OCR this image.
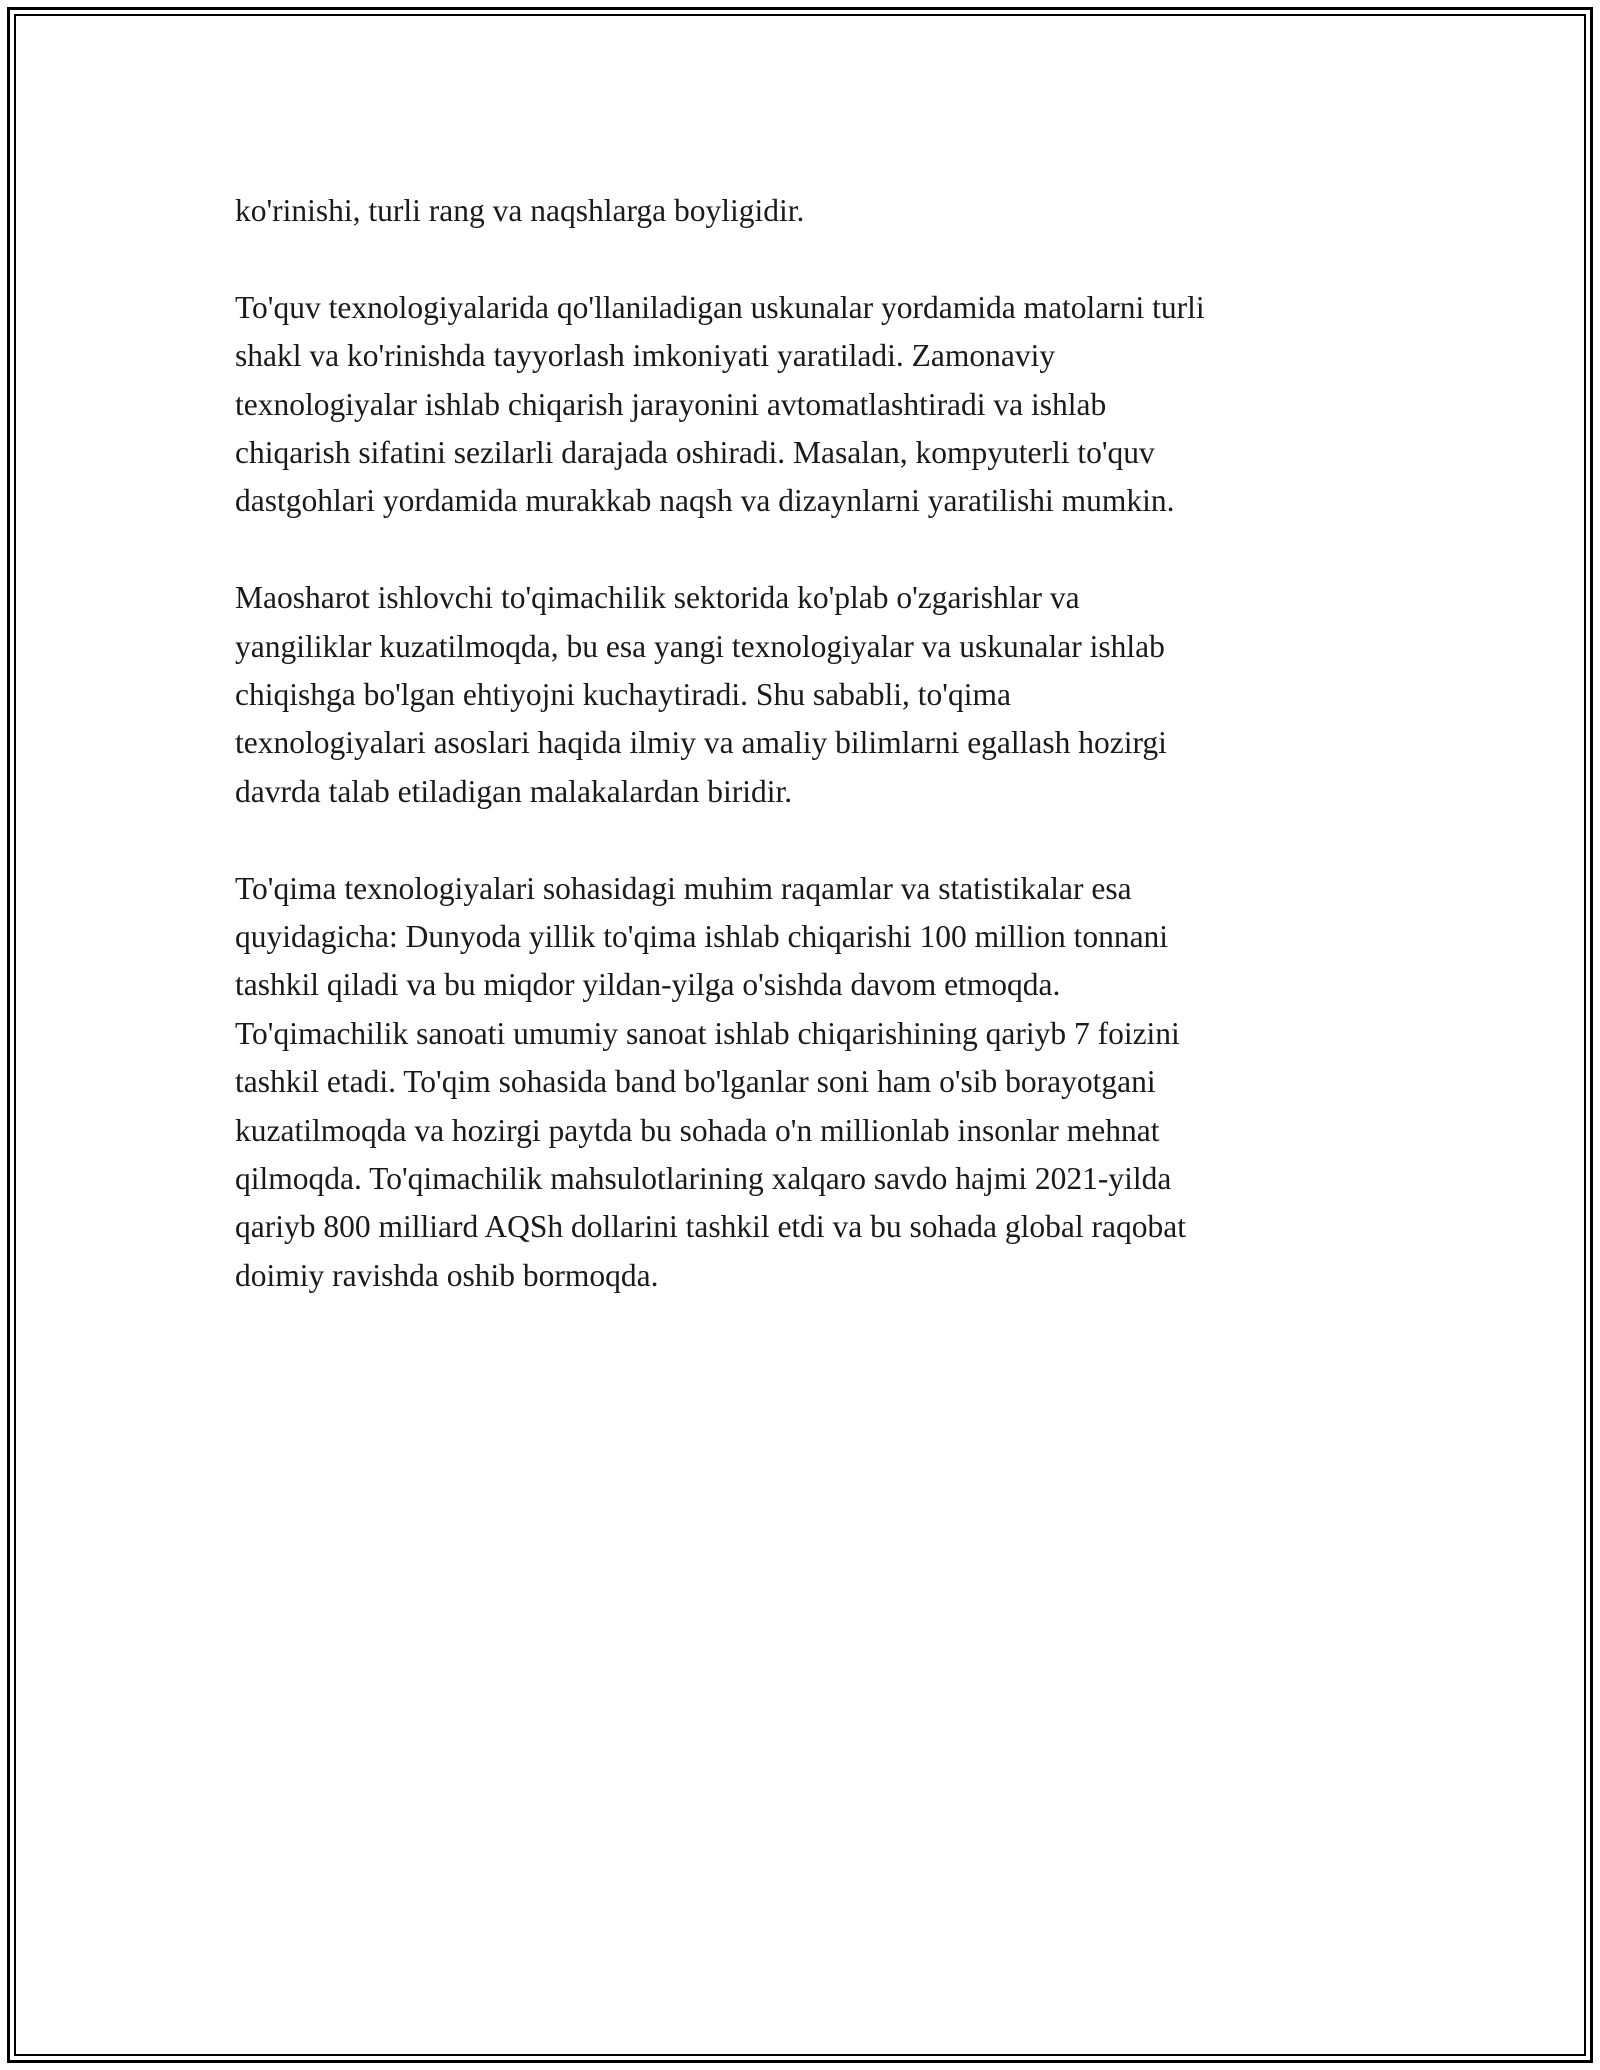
ko'rinishi, turli rang va naqshlarga boyligidir.

To'quv texnologiyalarida qo'llaniladigan uskunalar yordamida matolarni turli
shakl va ko'rinishda tayyorlash imkoniyati yaratiladi. Zamonaviy
texnologiyalar ishlab chiqarish jarayonini avtomatlashtiradi va ishlab
chiqarish sifatini sezilarli darajada oshiradi. Masalan, kompyuterli to'quv
dastgohlari yordamida murakkab naqsh va dizaynlarni yaratilishi mumkin.

Maosharot ishlovchi to'qimachilik sektorida ko'plab o'zgarishlar va
yangiliklar kuzatilmoqda, bu esa yangi texnologiyalar va uskunalar ishlab
chiqishga bo'lgan ehtiyojni kuchaytiradi. Shu sababli, to'qima
texnologiyalari asoslari haqida ilmiy va amaliy bilimlarni egallash hozirgi
davrda talab etiladigan malakalardan biridir.

To'qima texnologiyalari sohasidagi muhim raqamlar va statistikalar esa
quyidagicha: Dunyoda yillik to'qima ishlab chiqarishi 100 million tonnani
tashkil qiladi va bu miqdor yildan-yilga o'sishda davom etmoqda.
To'qimachilik sanoati umumiy sanoat ishlab chiqarishining qariyb 7 foizini
tashkil etadi. To'qim sohasida band bo'lganlar soni ham o'sib borayotgani
kuzatilmoqda va hozirgi paytda bu sohada o'n millionlab insonlar mehnat
qilmoqda. To'qimachilik mahsulotlarining xalqaro savdo hajmi 2021-yilda
qariyb 800 milliard AQSh dollarini tashkil etdi va bu sohada global raqobat
doimiy ravishda oshib bormoqda.
